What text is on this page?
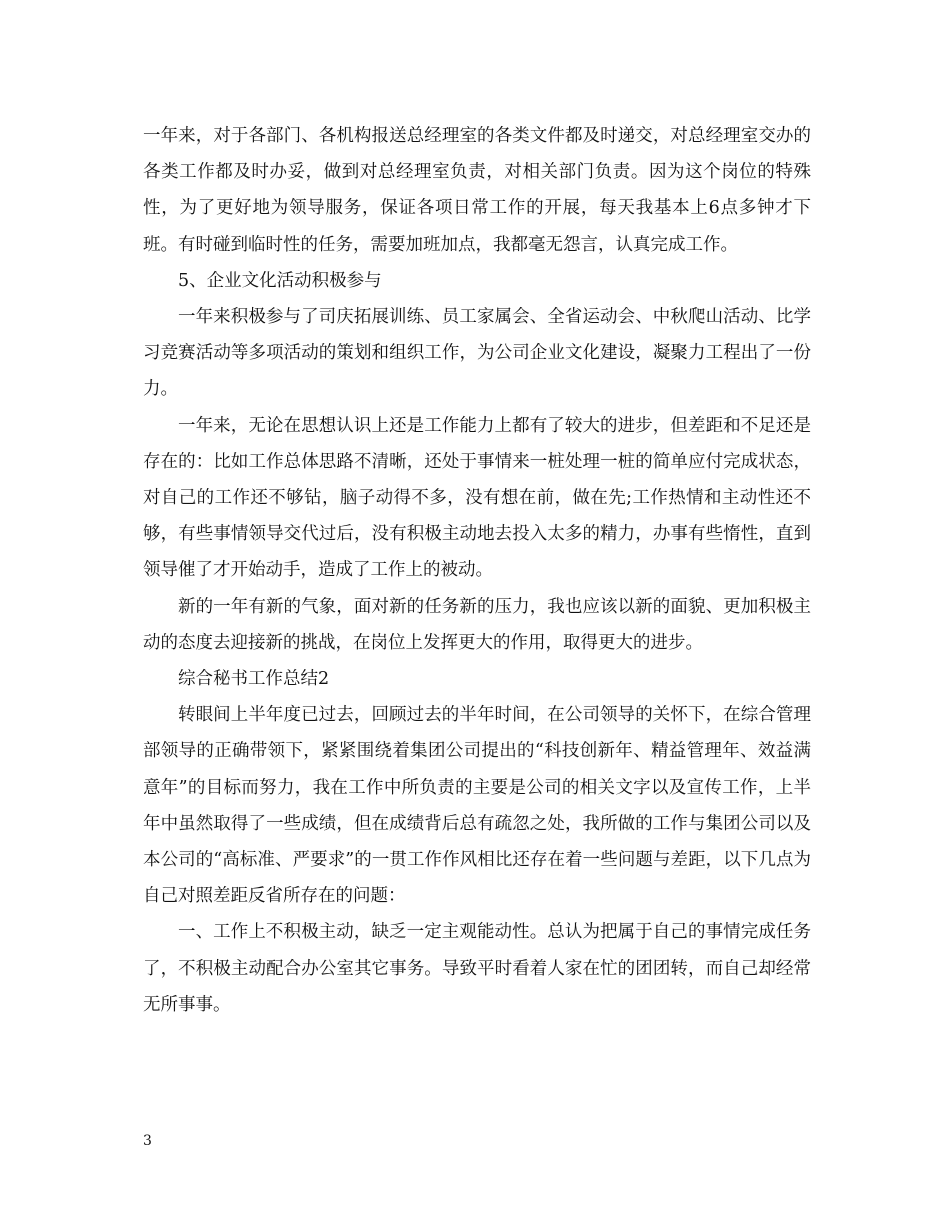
一年来，对于各部门、各机构报送总经理室的各类文件都及时递交，对总经理室交办的各类工作都及时办妥，做到对总经理室负责，对相关部门负责。因为这个岗位的特殊性，为了更好地为领导服务，保证各项日常工作的开展，每天我基本上6点多钟才下班。有时碰到临时性的任务，需要加班加点，我都毫无怨言，认真完成工作。

5、企业文化活动积极参与

一年来积极参与了司庆拓展训练、员工家属会、全省运动会、中秋爬山活动、比学习竞赛活动等多项活动的策划和组织工作，为公司企业文化建设，凝聚力工程出了一份力。

一年来，无论在思想认识上还是工作能力上都有了较大的进步，但差距和不足还是存在的：比如工作总体思路不清晰，还处于事情来一桩处理一桩的简单应付完成状态，对自己的工作还不够钻，脑子动得不多，没有想在前，做在先;工作热情和主动性还不够，有些事情领导交代过后，没有积极主动地去投入太多的精力，办事有些惰性，直到领导催了才开始动手，造成了工作上的被动。

新的一年有新的气象，面对新的任务新的压力，我也应该以新的面貌、更加积极主动的态度去迎接新的挑战，在岗位上发挥更大的作用，取得更大的进步。

综合秘书工作总结2

转眼间上半年度已过去，回顾过去的半年时间，在公司领导的关怀下，在综合管理部领导的正确带领下，紧紧围绕着集团公司提出的“科技创新年、精益管理年、效益满意年”的目标而努力，我在工作中所负责的主要是公司的相关文字以及宣传工作，上半年中虽然取得了一些成绩，但在成绩背后总有疏忽之处，我所做的工作与集团公司以及本公司的“高标准、严要求”的一贯工作作风相比还存在着一些问题与差距，以下几点为自己对照差距反省所存在的问题：

一、工作上不积极主动，缺乏一定主观能动性。总认为把属于自己的事情完成任务了，不积极主动配合办公室其它事务。导致平时看着人家在忙的团团转，而自己却经常无所事事。

3
